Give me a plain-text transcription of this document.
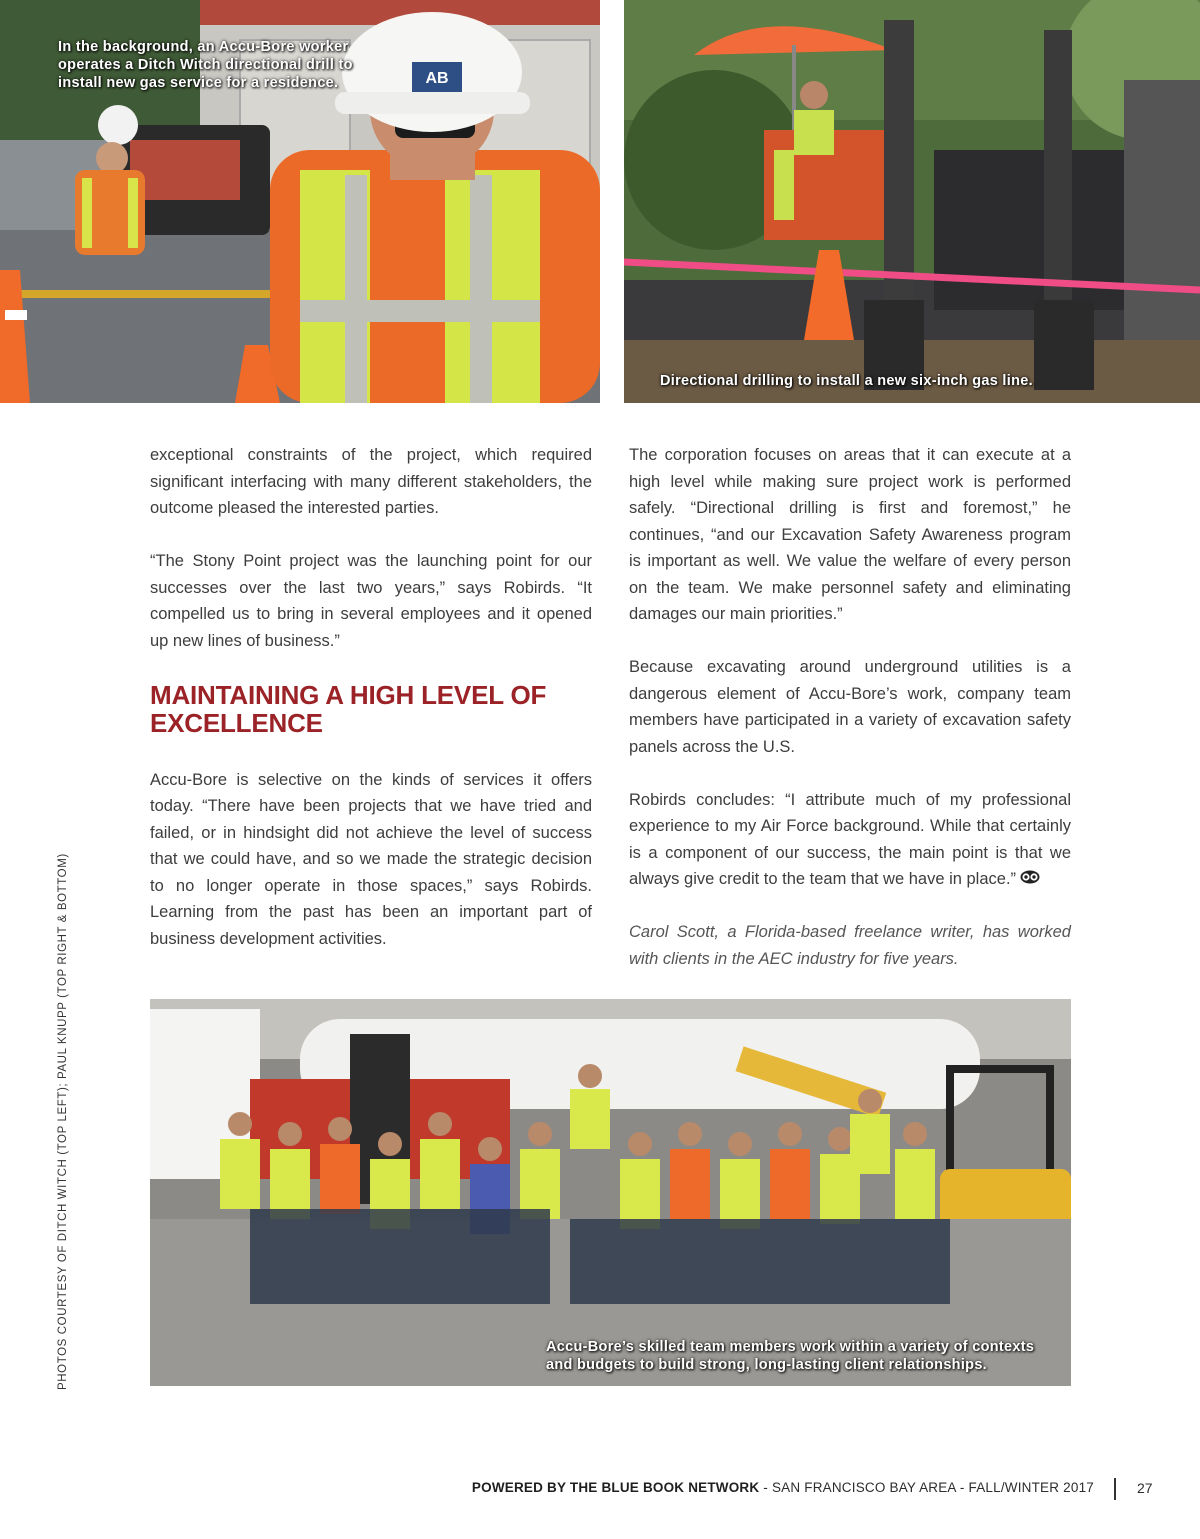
AB
In the background, an Accu-Bore worker
operates a Ditch Witch directional drill to
install new gas service for a residence.
Directional drilling to install a new six-inch gas line.

exceptional constraints of the project, which required significant interfacing with many different stakeholders, the outcome pleased the interested parties.

“The Stony Point project was the launching point for our successes over the last two years,” says Robirds. “It compelled us to bring in several employees and it opened up new lines of business.”

MAINTAINING A HIGH LEVEL OF EXCELLENCE

Accu-Bore is selective on the kinds of services it offers today. “There have been projects that we have tried and failed, or in hindsight did not achieve the level of success that we could have, and so we made the strategic decision to no longer operate in those spaces,” says Robirds. Learning from the past has been an important part of business development activities.

The corporation focuses on areas that it can execute at a high level while making sure project work is performed safely. “Directional drilling is first and foremost,” he continues, “and our Excavation Safety Awareness program is important as well. We value the welfare of every person on the team. We make personnel safety and eliminating damages our main priorities.”

Because excavating around underground utilities is a dangerous element of Accu-Bore’s work, company team members have participated in a variety of excavation safety panels across the U.S.

Robirds concludes: “I attribute much of my professional experience to my Air Force background. While that certainly is a component of our success, the main point is that we always give credit to the team that we have in place.”

Carol Scott, a Florida-based freelance writer, has worked with clients in the AEC industry for five years.

Accu-Bore’s skilled team members work within a variety of contexts
and budgets to build strong, long-lasting client relationships.
PHOTOS COURTESY OF DITCH WITCH (TOP LEFT); PAUL KNUPP (TOP RIGHT & BOTTOM)
POWERED BY THE BLUE BOOK NETWORK - SAN FRANCISCO BAY AREA - FALL/WINTER 2017	27
